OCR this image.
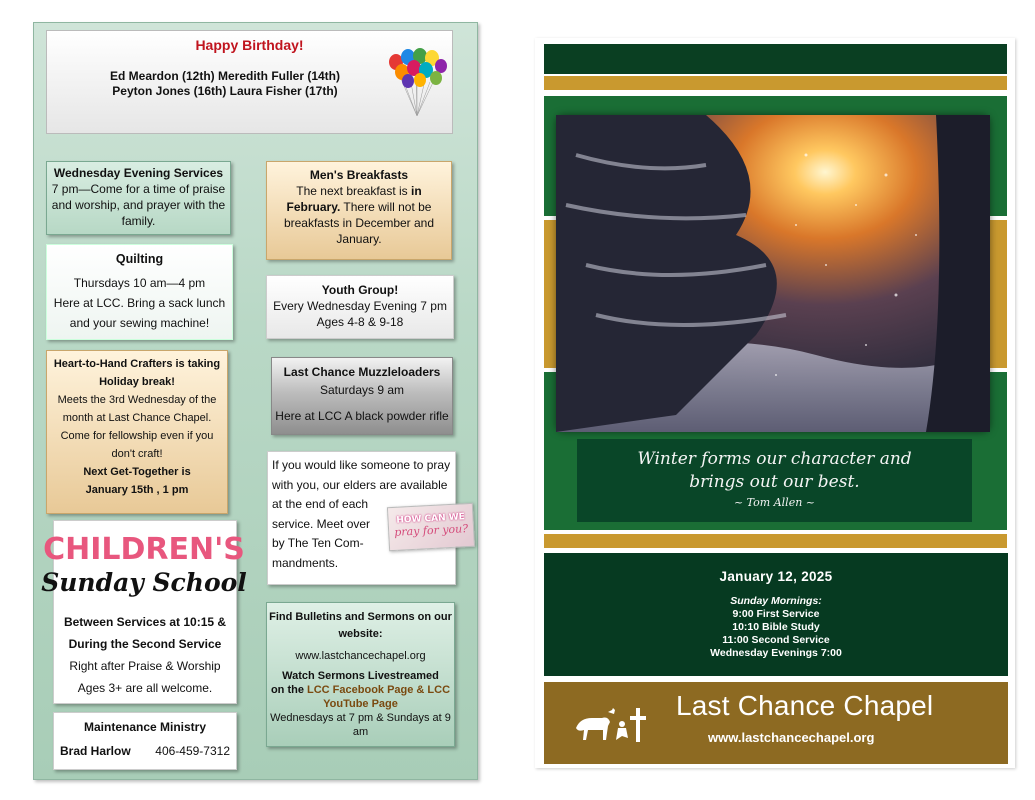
Happy Birthday!
Ed Meardon (12th) Meredith Fuller (14th)
Peyton Jones (16th) Laura Fisher (17th)
Wednesday Evening Services
7 pm—Come for a time of praise and worship, and prayer with the family.
Quilting

Thursdays 10 am—4 pm

Here at LCC. Bring a sack lunch

and your sewing machine!

Heart-to-Hand Crafters is taking
Holiday break!
Meets the 3rd Wednesday of the
month at Last Chance Chapel.
Come for fellowship even if you
don't craft!
Next Get-Together is
January 15th , 1 pm
CHILDREN'S
Sunday School
Between Services at 10:15 &
During the Second Service
Right after Praise & Worship
Ages 3+ are all welcome.
Maintenance Ministry
Brad Harlow 406-459-7312
Men's Breakfasts
The next breakfast is in February. There will not be breakfasts in December and January.
Youth Group!
Every Wednesday Evening 7 pm
Ages 4-8 & 9-18
Last Chance Muzzleloaders

Saturdays 9 am

Here at LCC A black powder rifle

If you would like someone to pray
with you, our elders are available
at the end of each
service. Meet over
by The Ten Com-
mandments.
HOW CAN WE
pray for you?
Find Bulletins and Sermons on our website:
www.lastchancechapel.org
Watch Sermons Livestreamed
on the LCC Facebook Page & LCC YouTube Page
Wednesdays at 7 pm & Sundays at 9 am
Winter forms our character and
brings out our best.
~ Tom Allen ~
January 12, 2025
Sunday Mornings:
9:00 First Service
10:10 Bible Study
11:00 Second Service
Wednesday Evenings 7:00
Last Chance Chapel
www.lastchancechapel.org
